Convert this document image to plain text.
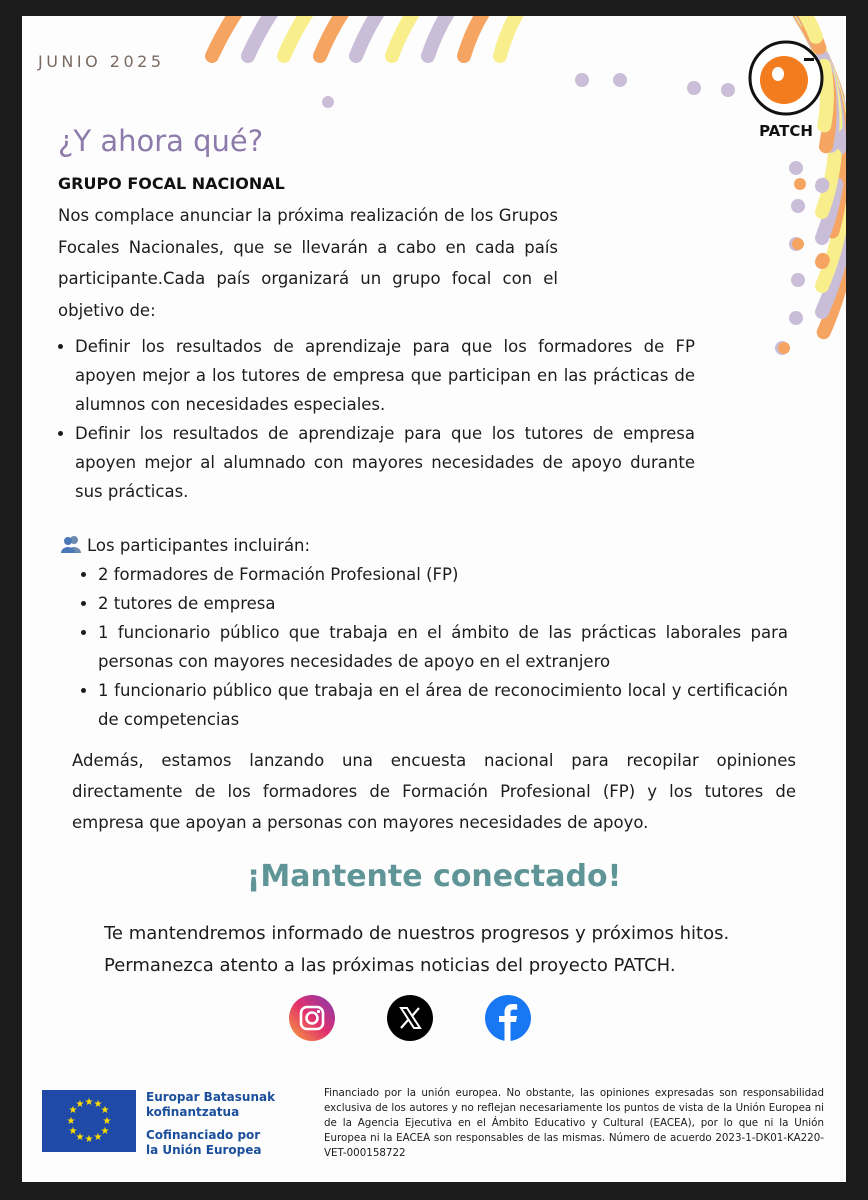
JUNIO 2025
PATCH
¿Y ahora qué?
GRUPO FOCAL NACIONAL
Nos complace anunciar la próxima realización de los Grupos Focales Nacionales, que se llevarán a cabo en cada país participante.Cada país organizará un grupo focal con el objetivo de:
• Definir los resultados de aprendizaje para que los formadores de FP apoyen mejor a los tutores de empresa que participan en las prácticas de alumnos con necesidades especiales.
• Definir los resultados de aprendizaje para que los tutores de empresa apoyen mejor al alumnado con mayores necesidades de apoyo durante sus prácticas.
Los participantes incluirán:
• 2 formadores de Formación Profesional (FP)
• 2 tutores de empresa
• 1 funcionario público que trabaja en el ámbito de las prácticas laborales para personas con mayores necesidades de apoyo en el extranjero
• 1 funcionario público que trabaja en el área de reconocimiento local y certificación de competencias
Además, estamos lanzando una encuesta nacional para recopilar opiniones directamente de los formadores de Formación Profesional (FP) y los tutores de empresa que apoyan a personas con mayores necesidades de apoyo.
¡Mantente conectado!
Te mantendremos informado de nuestros progresos y próximos hitos.
Permanezca atento a las próximas noticias del proyecto PATCH.
★ ★
★
★
★
★
★
★
★
★
★
★
Europar Batasunak
kofinantzatua
Cofinanciado por
la Unión Europea
Financiado por la unión europea. No obstante, las opiniones expresadas son responsabilidad exclusiva de los autores y no reflejan necesariamente los puntos de vista de la Unión Europea ni de la Agencia Ejecutiva en el Ámbito Educativo y Cultural (EACEA), por lo que ni la Unión Europea ni la EACEA son responsables de las mismas. Número de acuerdo 2023-1-DK01-KA220-VET-000158722
